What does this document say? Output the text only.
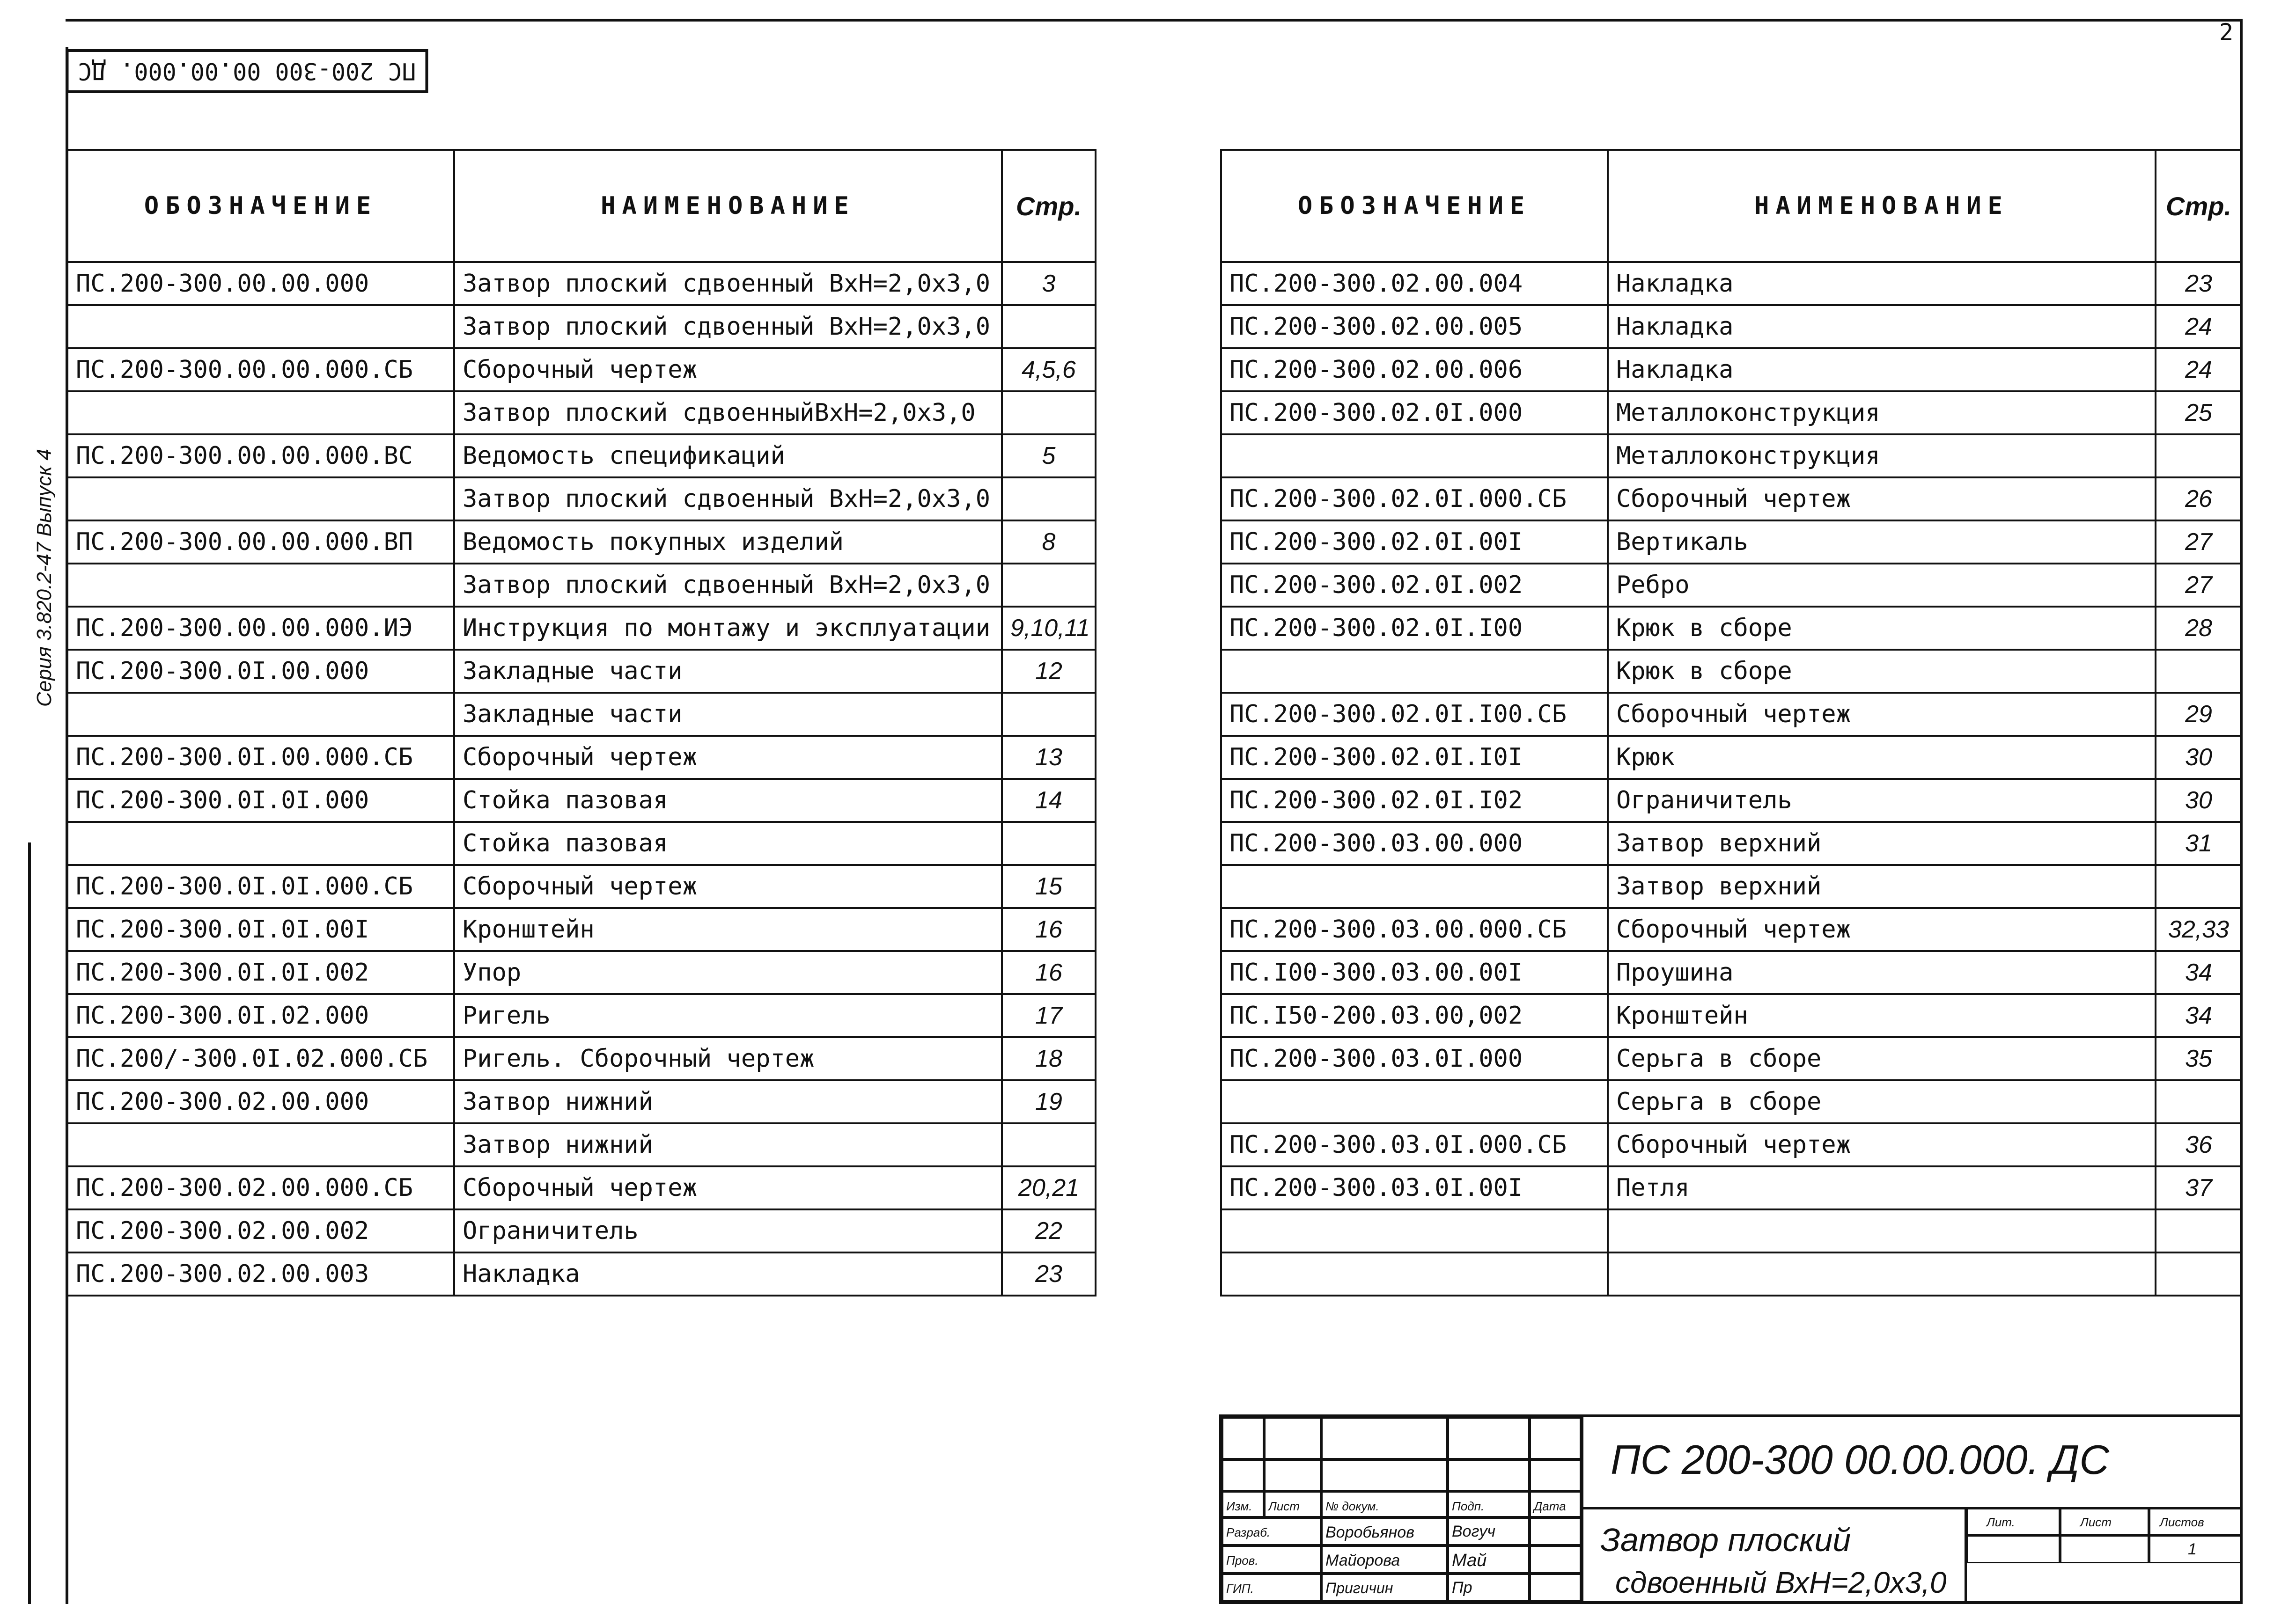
2
ПС 200-300 00.00.000. ДС
Серия 3.820.2-47 Выпуск 4
ОБОЗНАЧЕНИЕ	НАИМЕНОВАНИЕ	Стр.
ПС.200-300.00.00.000	Затвор плоский сдвоенный ВхН=2,0х3,0	3
	Затвор плоский сдвоенный ВхН=2,0х3,0	
ПС.200-300.00.00.000.СБ	Сборочный чертеж	4,5,6
	Затвор плоский сдвоенныйВхН=2,0х3,0	
ПС.200-300.00.00.000.ВС	Ведомость спецификаций	5
	Затвор плоский сдвоенный ВхН=2,0х3,0	
ПС.200-300.00.00.000.ВП	Ведомость покупных изделий	8
	Затвор плоский сдвоенный ВхН=2,0х3,0	
ПС.200-300.00.00.000.ИЭ	Инструкция по монтажу и эксплуатации	9,10,11
ПС.200-300.0I.00.000	Закладные части	12
	Закладные части	
ПС.200-300.0I.00.000.СБ	Сборочный чертеж	13
ПС.200-300.0I.0I.000	Стойка пазовая	14
	Стойка пазовая	
ПС.200-300.0I.0I.000.СБ	Сборочный чертеж	15
ПС.200-300.0I.0I.00I	Кронштейн	16
ПС.200-300.0I.0I.002	Упор	16
ПС.200-300.0I.02.000	Ригель	17
ПС.200/-300.0I.02.000.СБ	Ригель. Сборочный чертеж	18
ПС.200-300.02.00.000	Затвор нижний	19
	Затвор нижний	
ПС.200-300.02.00.000.СБ	Сборочный чертеж	20,21
ПС.200-300.02.00.002	Ограничитель	22
ПС.200-300.02.00.003	Накладка	23
ОБОЗНАЧЕНИЕ	НАИМЕНОВАНИЕ	Стр.
ПС.200-300.02.00.004	Накладка	23
ПС.200-300.02.00.005	Накладка	24
ПС.200-300.02.00.006	Накладка	24
ПС.200-300.02.0I.000	Металлоконструкция	25
	Металлоконструкция	
ПС.200-300.02.0I.000.СБ	Сборочный чертеж	26
ПС.200-300.02.0I.00I	Вертикаль	27
ПС.200-300.02.0I.002	Ребро	27
ПС.200-300.02.0I.I00	Крюк в сборе	28
	Крюк в сборе	
ПС.200-300.02.0I.I00.СБ	Сборочный чертеж	29
ПС.200-300.02.0I.I0I	Крюк	30
ПС.200-300.02.0I.I02	Ограничитель	30
ПС.200-300.03.00.000	Затвор верхний	31
	Затвор верхний	
ПС.200-300.03.00.000.СБ	Сборочный чертеж	32,33
ПС.I00-300.03.00.00I	Проушина	34
ПС.I50-200.03.00,002	Кронштейн	34
ПС.200-300.03.0I.000	Серьга в сборе	35
	Серьга в сборе	
ПС.200-300.03.0I.000.СБ	Сборочный чертеж	36
ПС.200-300.03.0I.00I	Петля	37

Изм.	Лист	№ докум.	Подп.	Дата
Разраб.	Воробьянов	Вогуч
Пров.	Майорова	Май
ГИП.	Пригичин	Пр
ПС 200-300 00.00.000. ДС
Затвор плоский
сдвоенный ВхН=2,0х3,0
Лит.	Лист	Листов
1
